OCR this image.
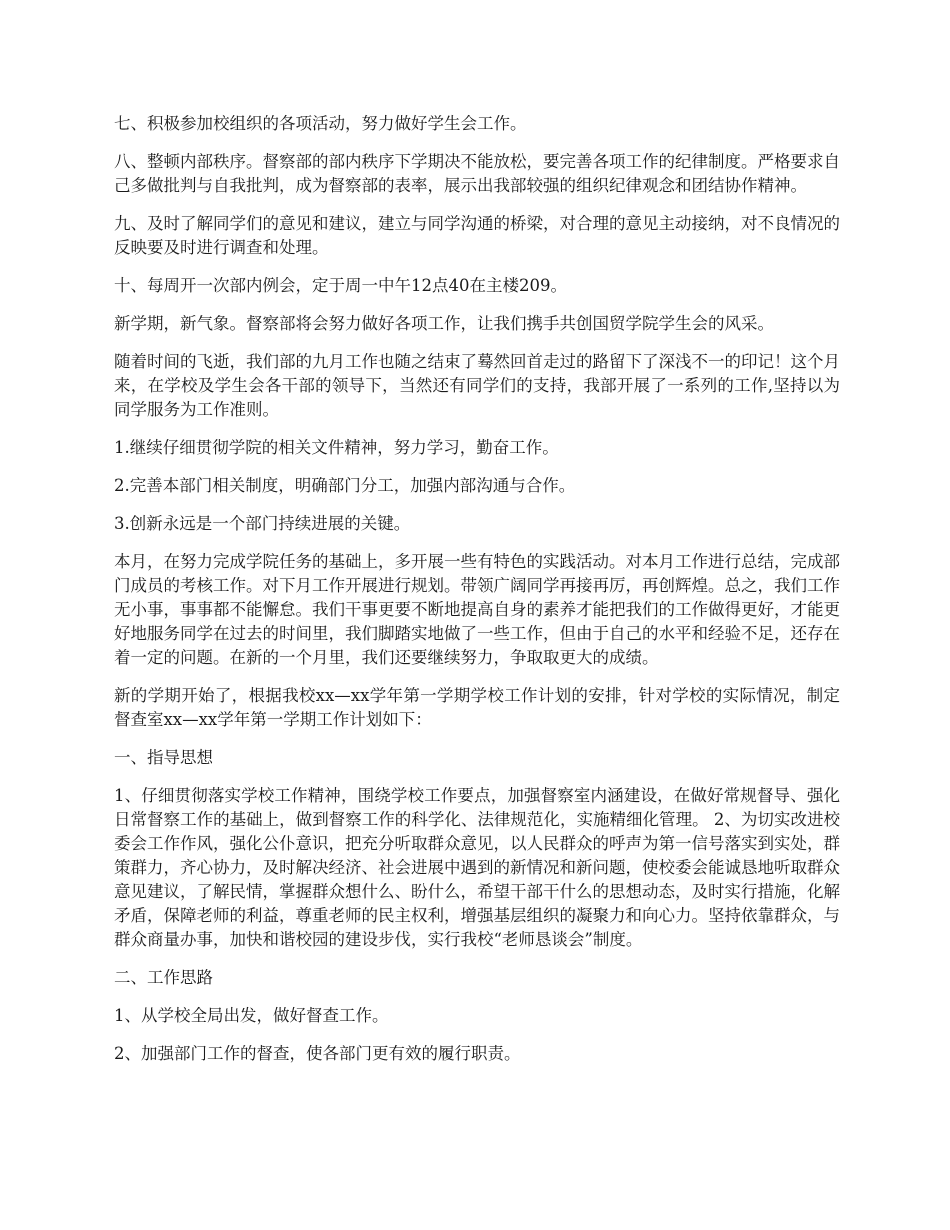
七、积极参加校组织的各项活动，努力做好学生会工作。

八、整顿内部秩序。督察部的部内秩序下学期决不能放松，要完善各项工作的纪律制度。严格要求自己多做批判与自我批判，成为督察部的表率，展示出我部较强的组织纪律观念和团结协作精神。

九、及时了解同学们的意见和建议，建立与同学沟通的桥梁，对合理的意见主动接纳，对不良情况的反映要及时进行调查和处理。

十、每周开一次部内例会，定于周一中午12点40在主楼209。

新学期，新气象。督察部将会努力做好各项工作，让我们携手共创国贸学院学生会的风采。

随着时间的飞逝，我们部的九月工作也随之结束了蓦然回首走过的路留下了深浅不一的印记！这个月来，在学校及学生会各干部的领导下，当然还有同学们的支持，我部开展了一系列的工作,坚持以为同学服务为工作准则。

1.继续仔细贯彻学院的相关文件精神，努力学习，勤奋工作。

2.完善本部门相关制度，明确部门分工，加强内部沟通与合作。

3.创新永远是一个部门持续进展的关键。

本月，在努力完成学院任务的基础上，多开展一些有特色的实践活动。对本月工作进行总结，完成部门成员的考核工作。对下月工作开展进行规划。带领广阔同学再接再厉，再创辉煌。总之，我们工作无小事，事事都不能懈怠。我们干事更要不断地提高自身的素养才能把我们的工作做得更好，才能更好地服务同学在过去的时间里，我们脚踏实地做了一些工作，但由于自己的水平和经验不足，还存在着一定的问题。在新的一个月里，我们还要继续努力，争取取更大的成绩。

新的学期开始了，根据我校xx—xx学年第一学期学校工作计划的安排，针对学校的实际情况，制定督查室xx—xx学年第一学期工作计划如下：

一、指导思想

1、仔细贯彻落实学校工作精神，围绕学校工作要点，加强督察室内涵建设，在做好常规督导、强化日常督察工作的基础上，做到督察工作的科学化、法律规范化，实施精细化管理。 2、为切实改进校委会工作作风，强化公仆意识，把充分听取群众意见，以人民群众的呼声为第一信号落实到实处，群策群力，齐心协力，及时解决经济、社会进展中遇到的新情况和新问题，使校委会能诚恳地听取群众意见建议，了解民情，掌握群众想什么、盼什么，希望干部干什么的思想动态，及时实行措施，化解矛盾，保障老师的利益，尊重老师的民主权利，增强基层组织的凝聚力和向心力。坚持依靠群众，与群众商量办事，加快和谐校园的建设步伐，实行我校“老师恳谈会”制度。

二、工作思路

1、从学校全局出发，做好督查工作。

2、加强部门工作的督查，使各部门更有效的履行职责。
